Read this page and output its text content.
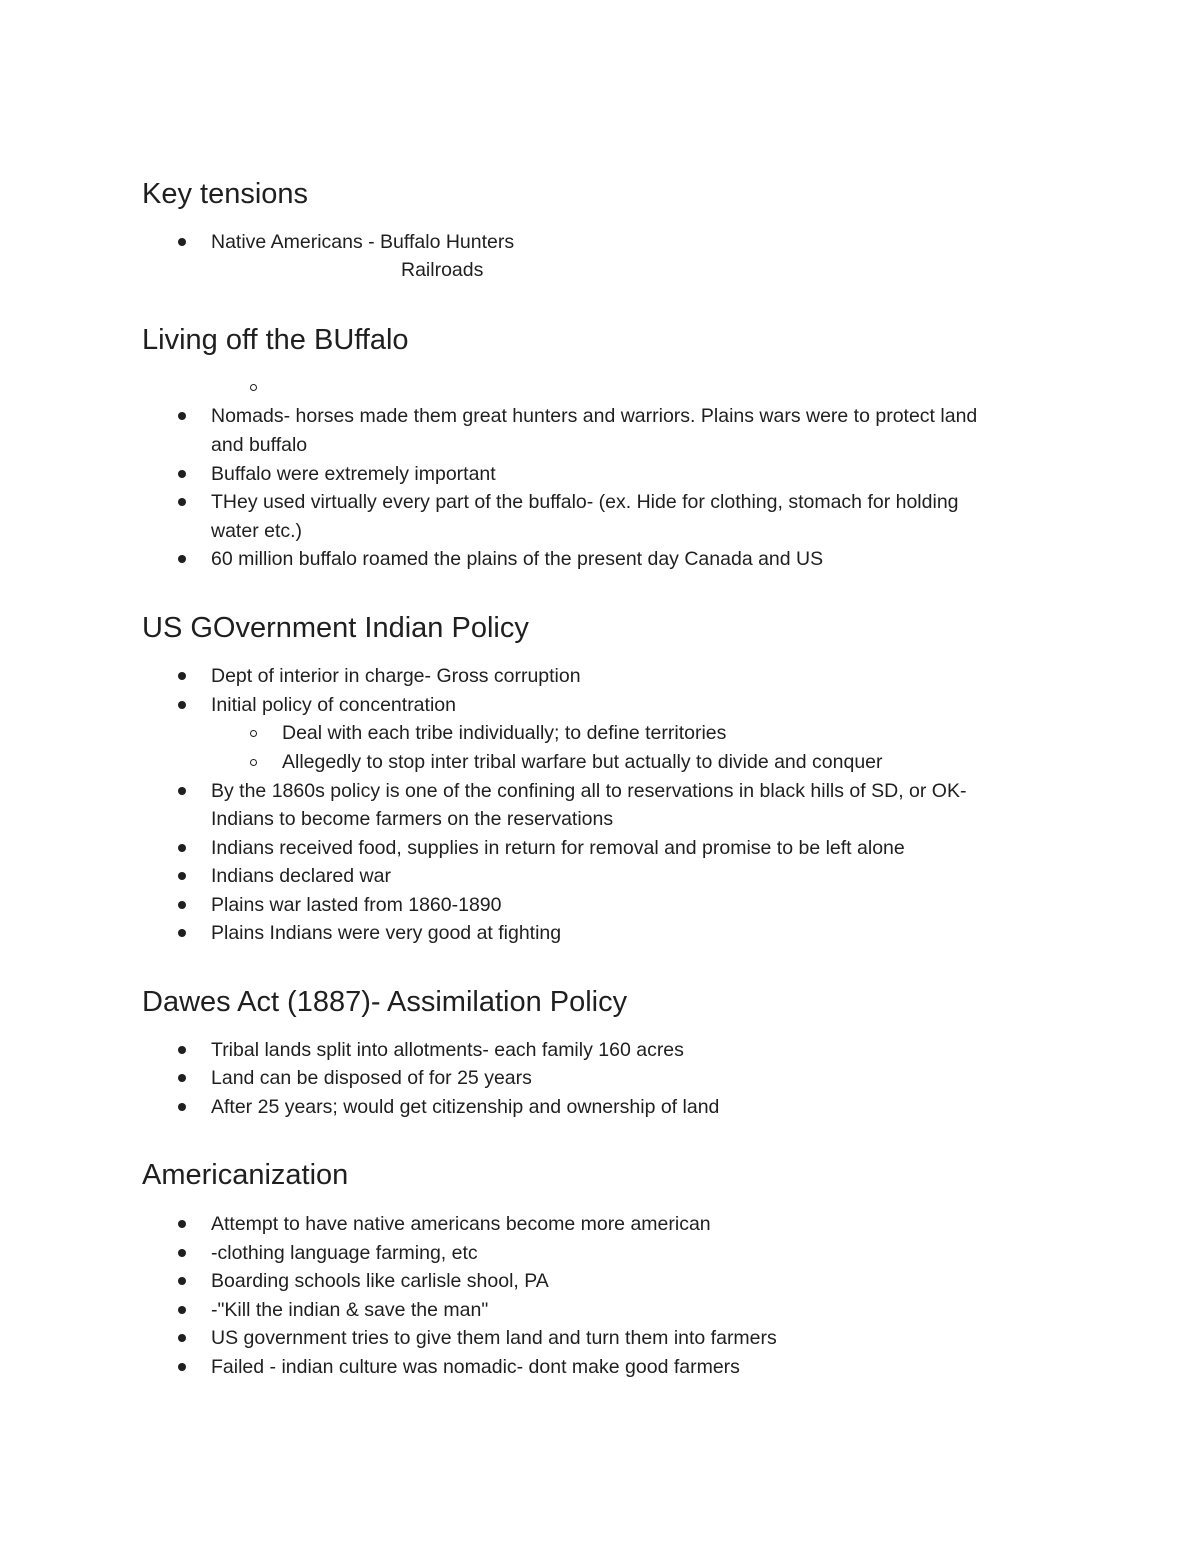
Key tensions
Native Americans - Buffalo Hunters
Railroads
Living off the BUffalo
Nomads- horses made them great hunters and warriors. Plains wars were to protect land
and buffalo
Buffalo were extremely important
THey used virtually every part of the buffalo- (ex. Hide for clothing, stomach for holding
water etc.)
60 million buffalo roamed the plains of the present day Canada and US
US GOvernment Indian Policy
Dept of interior in charge- Gross corruption
Initial policy of concentration
Deal with each tribe individually; to define territories
Allegedly to stop inter tribal warfare but actually to divide and conquer
By the 1860s policy is one of the confining all to reservations in black hills of SD, or OK-
Indians to become farmers on the reservations
Indians received food, supplies in return for removal and promise to be left alone
Indians declared war
Plains war lasted from 1860-1890
Plains Indians were very good at fighting
Dawes Act (1887)- Assimilation Policy
Tribal lands split into allotments- each family 160 acres
Land can be disposed of for 25 years
After 25 years; would get citizenship and ownership of land
Americanization
Attempt to have native americans become more american
-clothing language farming, etc
Boarding schools like carlisle shool, PA
-"Kill the indian & save the man"
US government tries to give them land and turn them into farmers
Failed - indian culture was nomadic- dont make good farmers
